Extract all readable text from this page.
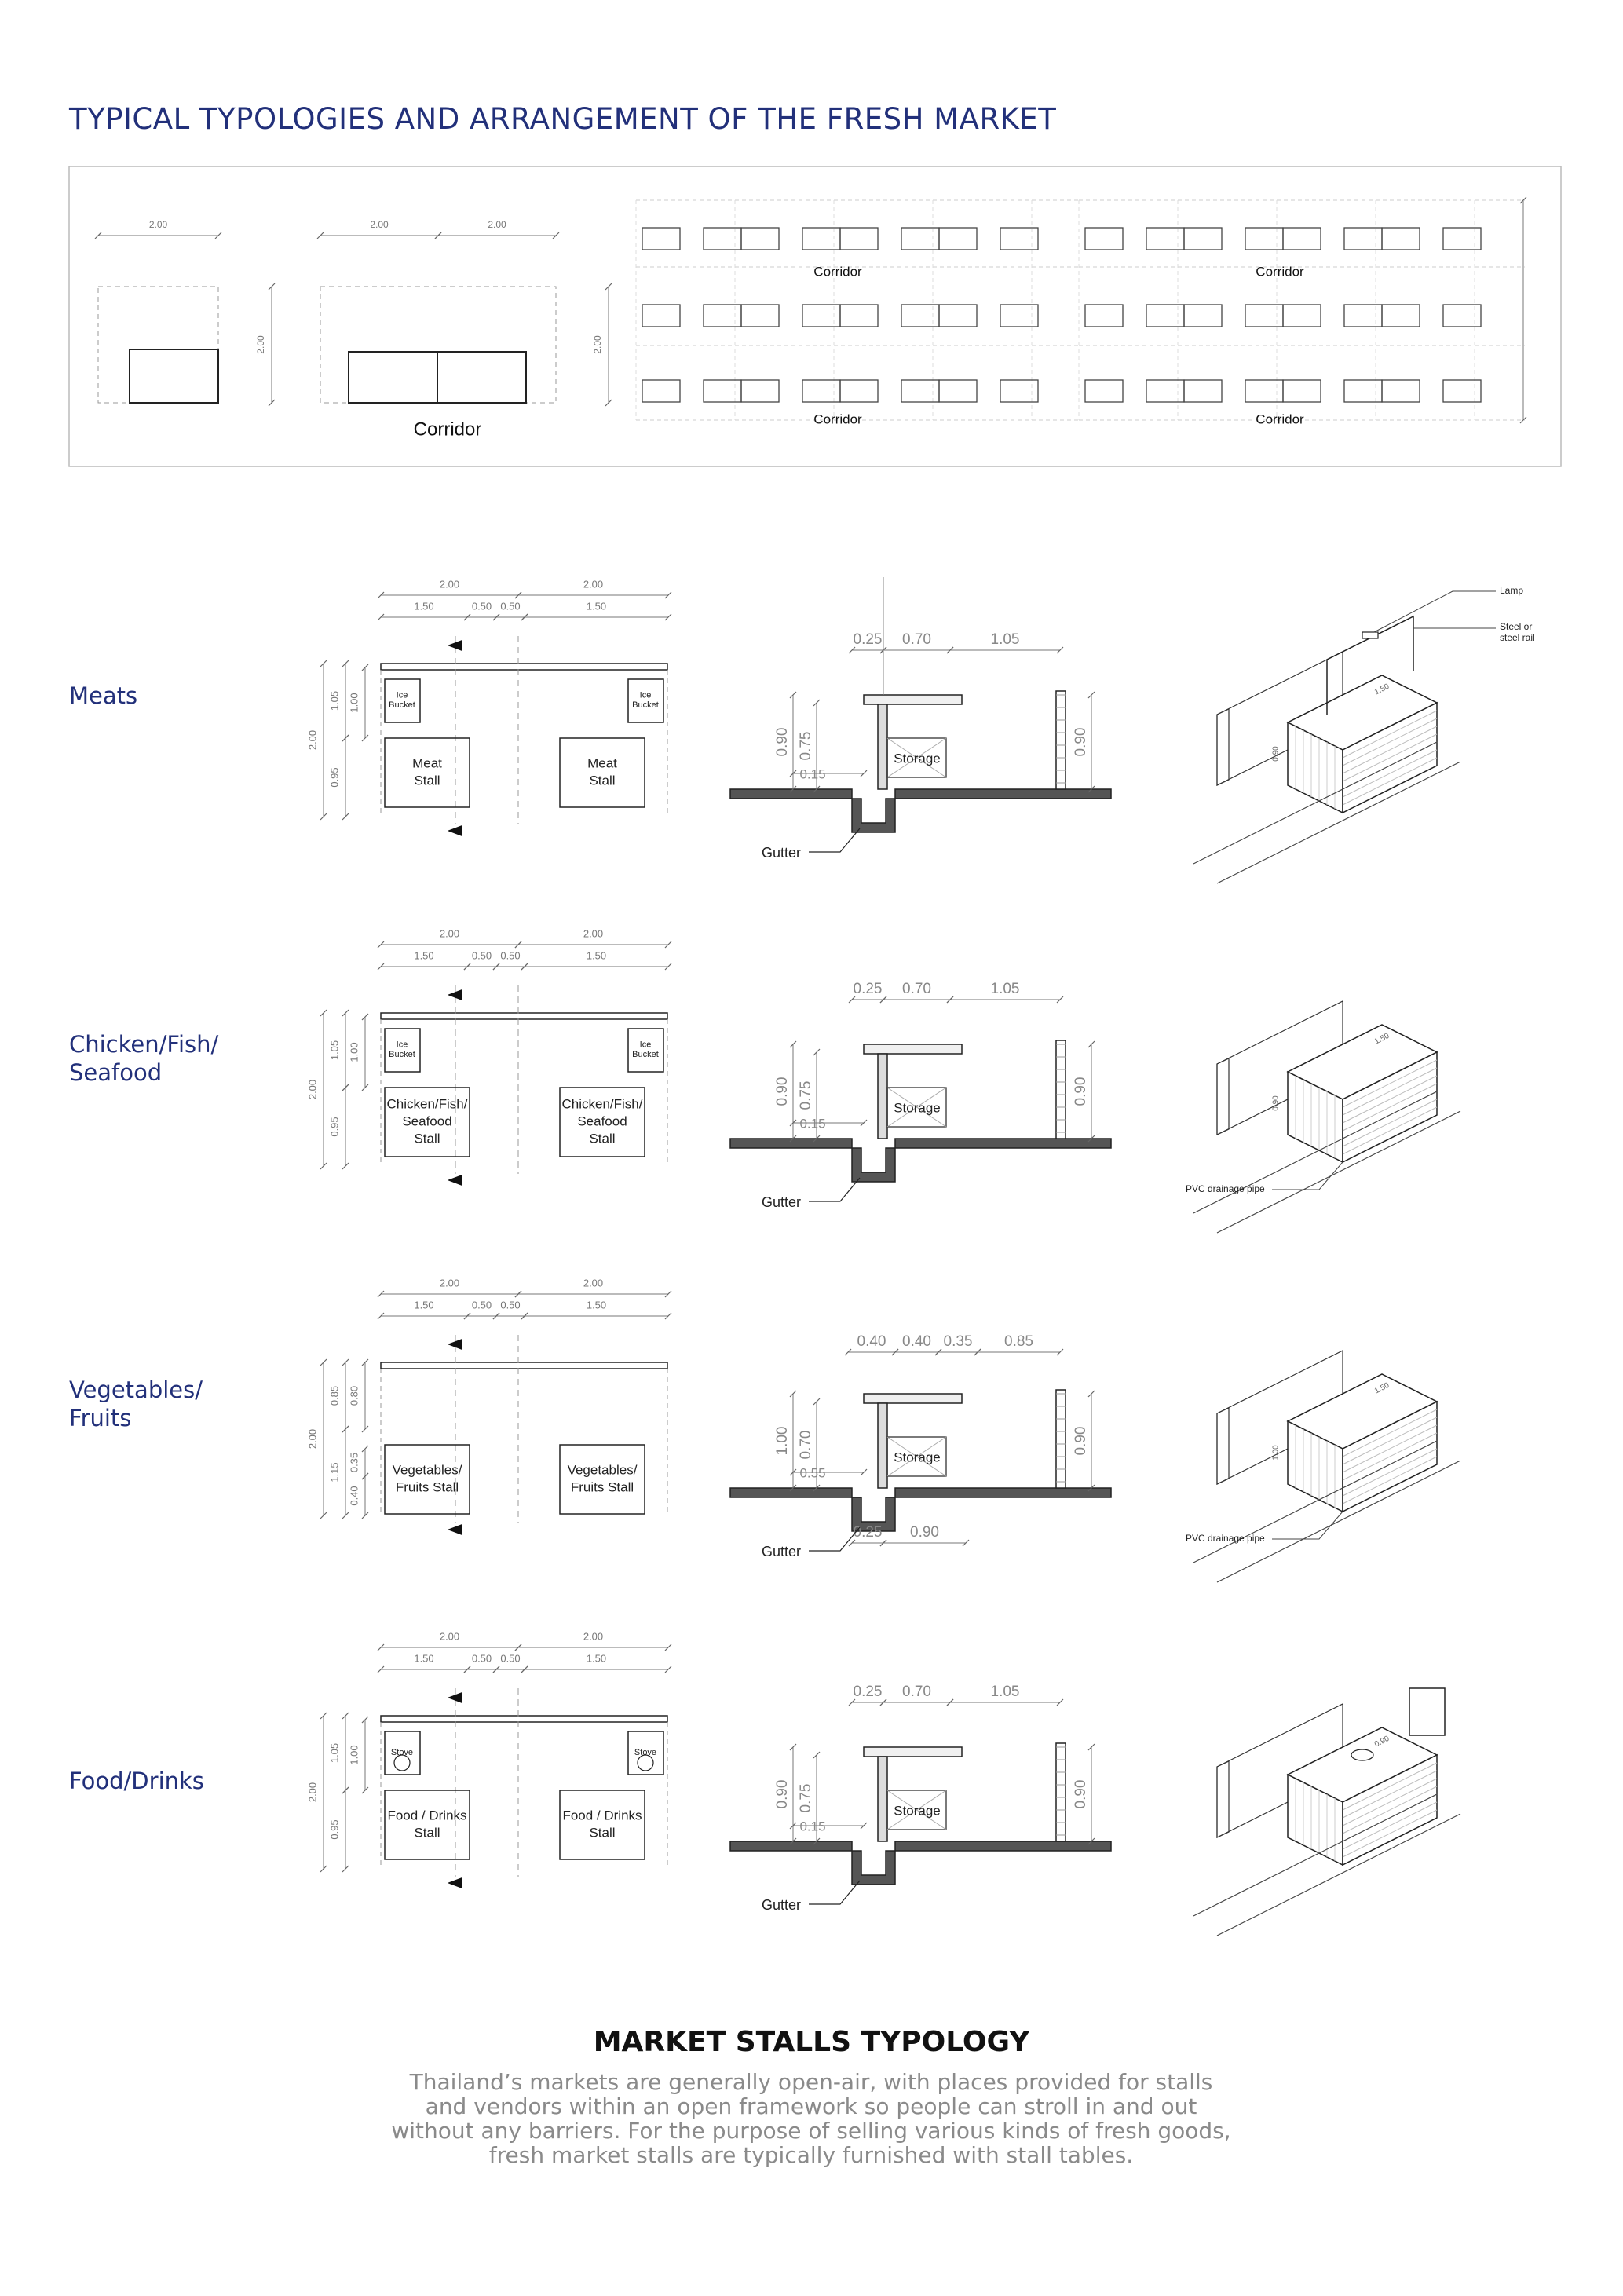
TYPICAL TYPOLOGIES AND ARRANGEMENT OF THE FRESH MARKET
2.00
2.00
2.00	2.00
2.00
Corridor
Corridor	Corridor
Corridor	Corridor
2.00	2.00
1.50	0.50 0.50	1.50
2.00
1.05 1.00
0.95
Ice
Bucket
Ice
Bucket
Meat
Stall
Meat
Stall
Storage
0.90 0.75
0.15
0.90
0.25 0.70	1.05
Gutter
1.50
0.90
Lamp
Steel or
steel rail
2.00	2.00
1.50	0.50 0.50	1.50
2.00
1.05 1.00
0.95
Ice
Bucket
Ice
Bucket
Chicken/Fish/
Seafood
Stall
Chicken/Fish/
Seafood
Stall
Storage
0.90 0.75
0.15
0.90
0.25 0.70	1.05
Gutter
1.50
0.90
PVC drainage pipe
2.00	2.00
1.50	0.50 0.50	1.50
2.00
0.85 0.80
1.15 0.35
0.40
Vegetables/
Fruits Stall
Vegetables/
Fruits Stall
Storage
1.00 0.70
0.55
0.90
0.40 0.40 0.35 0.85
0.25 0.90
Gutter
1.50
1.00
PVC drainage pipe
2.00	2.00
1.50	0.50 0.50	1.50
2.00
1.05 1.00
0.95
Stove	Stove
Food / Drinks
Stall
Food / Drinks
Stall
Storage
0.90 0.75
0.15
0.90
0.25 0.70	1.05
Gutter
0.90
Meats
Chicken/Fish/
Seafood
Vegetables/
Fruits
Food/Drinks
MARKET STALLS TYPOLOGY
Thailand’s markets are generally open-air, with places provided for stalls
and vendors within an open framework so people can stroll in and out
without any barriers. For the purpose of selling various kinds of fresh goods,
fresh market stalls are typically furnished with stall tables.
